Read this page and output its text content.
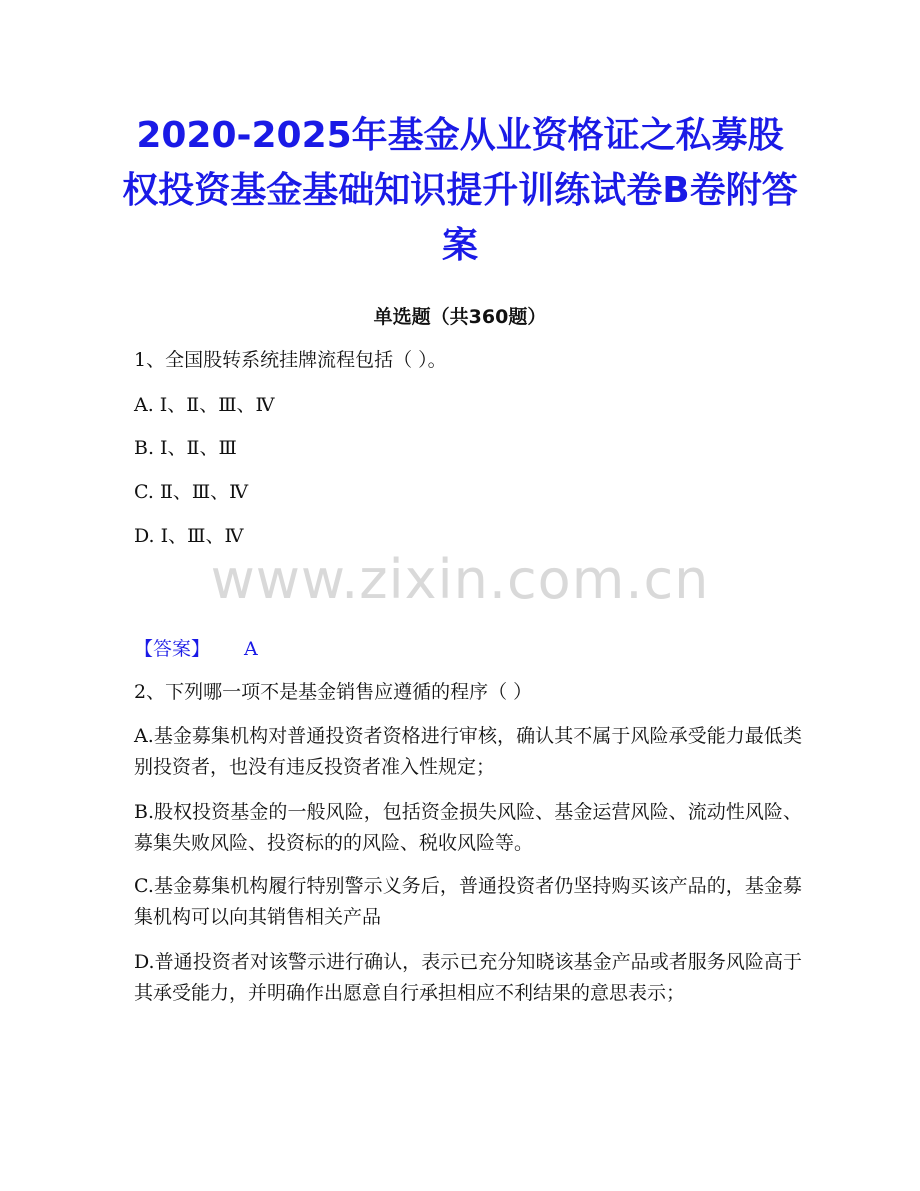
2020-2025年基金从业资格证之私募股权投资基金基础知识提升训练试卷B卷附答案
单选题（共360题）
1、全国股转系统挂牌流程包括（ ）。
A. Ⅰ、Ⅱ、Ⅲ、Ⅳ
B. Ⅰ、Ⅱ、Ⅲ
C. Ⅱ、Ⅲ、Ⅳ
D. Ⅰ、Ⅲ、Ⅳ
www.zixin.com.cn
【答案】 A
2、下列哪一项不是基金销售应遵循的程序（ ）
A.基金募集机构对普通投资者资格进行审核，确认其不属于风险承受能力最低类别投资者，也没有违反投资者准入性规定；
B.股权投资基金的一般风险，包括资金损失风险、基金运营风险、流动性风险、募集失败风险、投资标的的风险、税收风险等。
C.基金募集机构履行特别警示义务后，普通投资者仍坚持购买该产品的，基金募集机构可以向其销售相关产品
D.普通投资者对该警示进行确认，表示已充分知晓该基金产品或者服务风险高于其承受能力，并明确作出愿意自行承担相应不利结果的意思表示；
